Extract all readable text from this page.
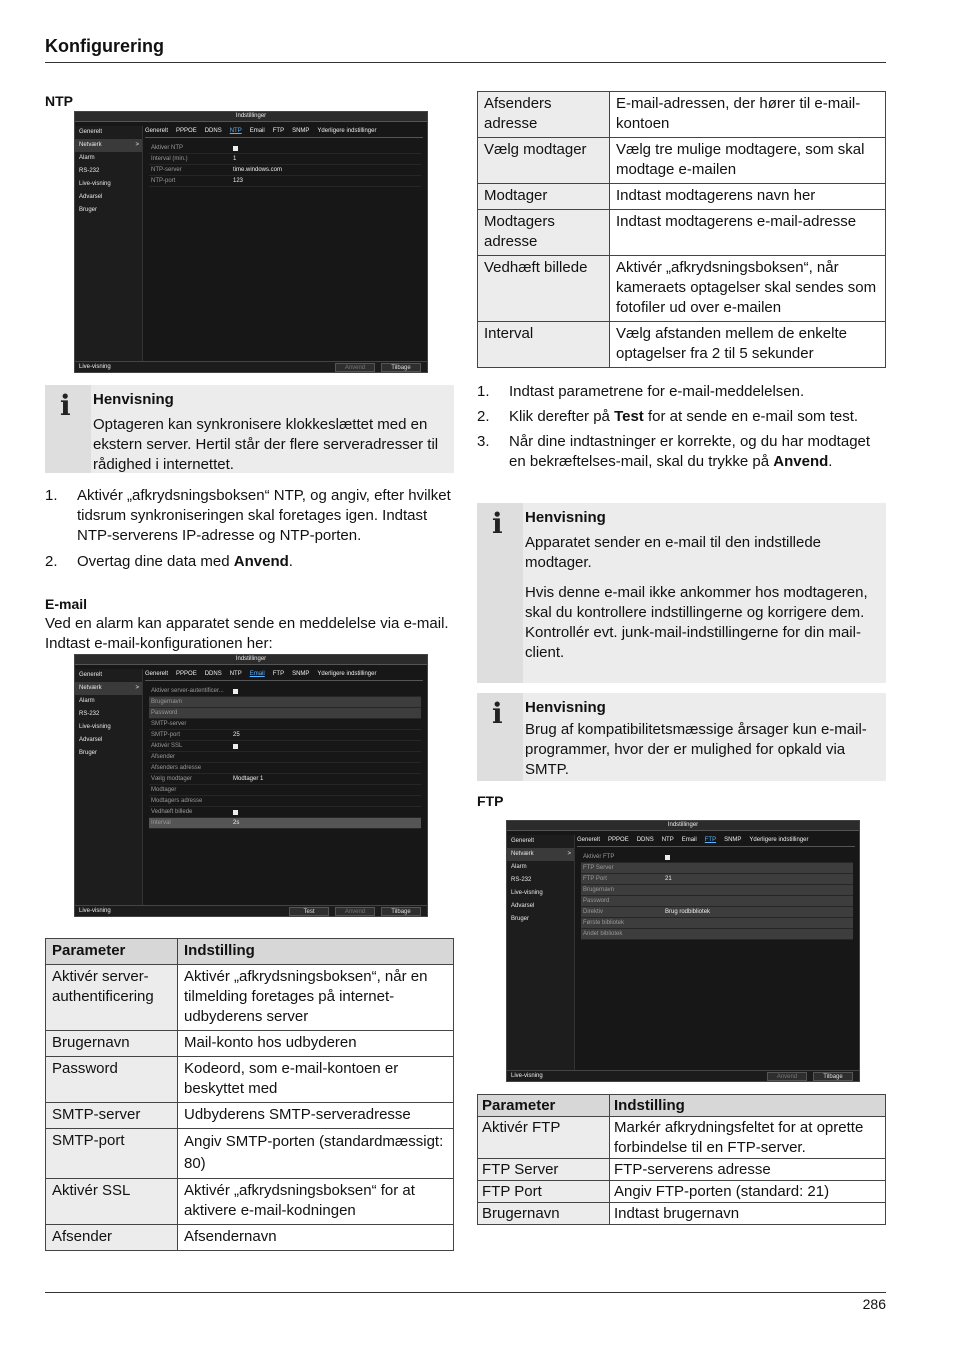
Konfigurering
NTP
Indstillinger
Generelt
Netværk >
Alarm
RS-232
Live-visning
Advarsel
Bruger
Generelt PPPOE DDNS NTP Email FTP SNMP Yderligere indstillinger
Aktiver NTP
Interval (min.)	1
NTP-server	time.windows.com
NTP-port	123
Live-visning	Anvend	Tilbage
i	Henvisning
Optageren kan synkronisere klokkeslættet med en ekstern server. Hertil står der flere serveradresser til rådighed i internettet.
1. Aktivér „afkrydsningsboksen“ NTP, og angiv, efter hvilket tidsrum synkroniseringen skal foretages igen. Indtast NTP-serverens IP-adresse og NTP-porten.
2. Overtag dine data med Anvend.
E-mail
Ved en alarm kan apparatet sende en meddelelse via e-mail. Indtast e-mail-konfigurationen her:
Indstillinger
Generelt
Netværk >
Alarm
RS-232
Live-visning
Advarsel
Bruger
Generelt PPPOE DDNS NTP Email FTP SNMP Yderligere indstillinger
Aktiver server-autentificer...
Brugernavn
Password
SMTP-server
SMTP-port	25
Aktivér SSL
Afsender
Afsenders adresse
Vælg modtager	Modtager 1
Modtager
Modtagers adresse
Vedhæft billede
Interval	2s
Live-visning	Test	Anvend	Tilbage
Parameter	Indstilling
Aktivér server-authentificering	Aktivér „afkrydsningsboksen“, når en tilmelding foretages på internet-udbyderens server
Brugernavn	Mail-konto hos udbyderen
Password	Kodeord, som e-mail-kontoen er beskyttet med
SMTP-server	Udbyderens SMTP-serveradresse
SMTP-port	Angiv SMTP-porten (standardmæssigt: 80)
Aktivér SSL	Aktivér „afkrydsningsboksen“ for at aktivere e-mail-kodningen
Afsender	Afsendernavn
Afsenders adresse	E-mail-adressen, der hører til e-mail-kontoen
Vælg modtager	Vælg tre mulige modtagere, som skal modtage e-mailen
Modtager	Indtast modtagerens navn her
Modtagers adresse	Indtast modtagerens e-mail-adresse
Vedhæft billede	Aktivér „afkrydsningsboksen“, når kameraets optagelser skal sendes som fotofiler ud over e-mailen
Interval	Vælg afstanden mellem de enkelte optagelser fra 2 til 5 sekunder
1. Indtast parametrene for e-mail-meddelelsen.
2. Klik derefter på Test for at sende en e-mail som test.
3. Når dine indtastninger er korrekte, og du har modtaget en bekræftelses-mail, skal du trykke på Anvend.
i	Henvisning
Apparatet sender en e-mail til den indstillede modtager.
Hvis denne e-mail ikke ankommer hos modtageren, skal du kontrollere indstillingerne og korrigere dem.
Kontrollér evt. junk-mail-indstillingerne for din mail-client.
i	Henvisning
Brug af kompatibilitetsmæssige årsager kun e-mail-programmer, hvor der er mulighed for opkald via SMTP.
FTP
Indstillinger
Generelt
Netværk >
Alarm
RS-232
Live-visning
Advarsel
Bruger
Generelt PPPOE DDNS NTP Email FTP SNMP Yderligere indstillinger
Aktivér FTP
FTP Server
FTP Port	21
Brugernavn
Password
Direktiv	Brug rodbibliotek
Første bibliotek
Andet bibliotek
Live-visning	Anvend	Tilbage
Parameter	Indstilling
Aktivér FTP	Markér afkrydningsfeltet for at oprette forbindelse til en FTP-server.
FTP Server	FTP-serverens adresse
FTP Port	Angiv FTP-porten (standard: 21)
Brugernavn	Indtast brugernavn
286
